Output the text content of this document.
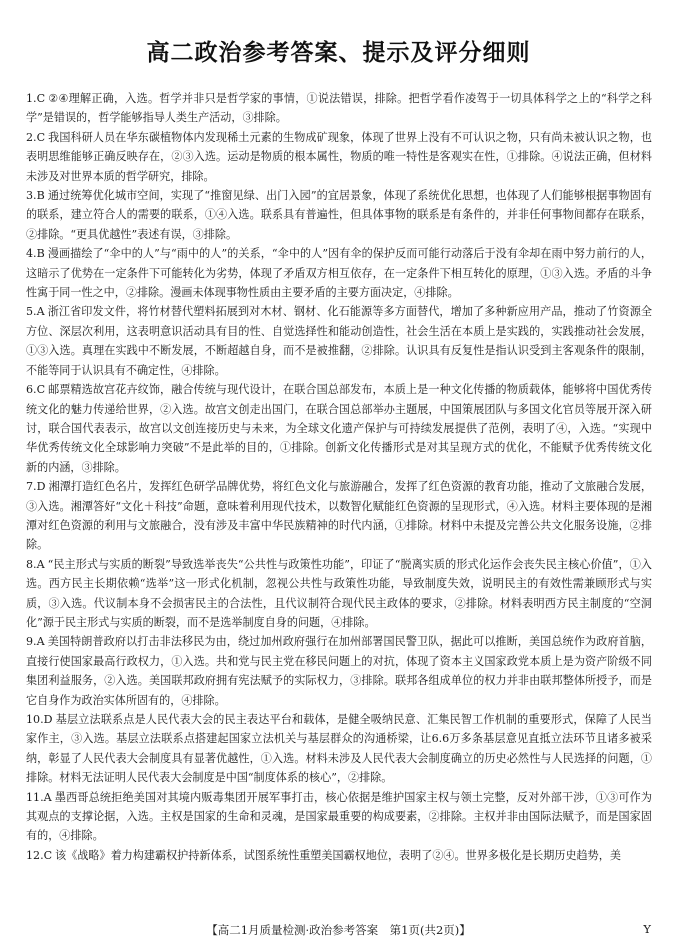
高二政治参考答案、提示及评分细则
1.C ②④理解正确，入选。哲学并非只是哲学家的事情，①说法错误，排除。把哲学看作凌驾于一切具体科学之上的“科学之科学”是错误的，哲学能够指导人类生产活动，③排除。
2.C 我国科研人员在华东碳植物体内发现稀土元素的生物成矿现象，体现了世界上没有不可认识之物，只有尚未被认识之物，也表明思维能够正确反映存在，②③入选。运动是物质的根本属性，物质的唯一特性是客观实在性，①排除。④说法正确，但材料未涉及对世界本质的哲学研究，排除。
3.B 通过统筹优化城市空间，实现了“推窗见绿、出门入园”的宜居景象，体现了系统优化思想，也体现了人们能够根据事物固有的联系，建立符合人的需要的联系，①④入选。联系具有普遍性，但具体事物的联系是有条件的，并非任何事物间都存在联系，②排除。“更具优越性”表述有误，③排除。
4.B 漫画描绘了“伞中的人”与“雨中的人”的关系，“伞中的人”因有伞的保护反而可能行动落后于没有伞却在雨中努力前行的人，这暗示了优势在一定条件下可能转化为劣势，体现了矛盾双方相互依存，在一定条件下相互转化的原理，①③入选。矛盾的斗争性寓于同一性之中，②排除。漫画未体现事物性质由主要矛盾的主要方面决定，④排除。
5.A 浙江省印发文件，将竹材替代塑料拓展到对木材、钢材、化石能源等多方面替代，增加了多种新应用产品，推动了竹资源全方位、深层次利用，这表明意识活动具有目的性、自觉选择性和能动创造性，社会生活在本质上是实践的，实践推动社会发展，①③入选。真理在实践中不断发展，不断超越自身，而不是被推翻，②排除。认识具有反复性是指认识受到主客观条件的限制，不能等同于认识具有不确定性，④排除。
6.C 邮票精选故宫花卉纹饰，融合传统与现代设计，在联合国总部发布，本质上是一种文化传播的物质载体，能够将中国优秀传统文化的魅力传递给世界，②入选。故宫文创走出国门，在联合国总部举办主题展，中国策展团队与多国文化官员等展开深入研讨，联合国代表表示，故宫以文创连接历史与未来，为全球文化遗产保护与可持续发展提供了范例，表明了④，入选。“实现中华优秀传统文化全球影响力突破”不是此举的目的，①排除。创新文化传播形式是对其呈现方式的优化，不能赋予优秀传统文化新的内涵，③排除。
7.D 湘潭打造红色名片，发挥红色研学品牌优势，将红色文化与旅游融合，发挥了红色资源的教育功能，推动了文旅融合发展，③入选。湘潭答好“文化＋科技”命题，意味着利用现代技术，以数智化赋能红色资源的呈现形式，④入选。材料主要体现的是湘潭对红色资源的利用与文旅融合，没有涉及丰富中华民族精神的时代内涵，①排除。材料中未提及完善公共文化服务设施，②排除。
8.A “民主形式与实质的断裂”导致选举丧失“公共性与政策性功能”，印证了“脱离实质的形式化运作会丧失民主核心价值”，①入选。西方民主长期依赖“选举”这一形式化机制，忽视公共性与政策性功能，导致制度失效，说明民主的有效性需兼顾形式与实质，③入选。代议制本身不会损害民主的合法性，且代议制符合现代民主政体的要求，②排除。材料表明西方民主制度的“空洞化”源于民主形式与实质的断裂，而不是选举制度自身的问题，④排除。
9.A 美国特朗普政府以打击非法移民为由，绕过加州政府强行在加州部署国民警卫队，据此可以推断，美国总统作为政府首脑，直接行使国家最高行政权力，①入选。共和党与民主党在移民问题上的对抗，体现了资本主义国家政党本质上是为资产阶级不同集团利益服务，②入选。美国联邦政府拥有宪法赋予的实际权力，③排除。联邦各组成单位的权力并非由联邦整体所授予，而是它自身作为政治实体所固有的，④排除。
10.D 基层立法联系点是人民代表大会的民主表达平台和载体，是健全吸纳民意、汇集民智工作机制的重要形式，保障了人民当家作主，③入选。基层立法联系点搭建起国家立法机关与基层群众的沟通桥梁，让6.6万多条基层意见直抵立法环节且诸多被采纳，彰显了人民代表大会制度具有显著优越性，①入选。材料未涉及人民代表大会制度确立的历史必然性与人民选择的问题，①排除。材料无法证明人民代表大会制度是中国“制度体系的核心”，②排除。
11.A 墨西哥总统拒绝美国对其境内贩毒集团开展军事打击，核心依据是维护国家主权与领土完整，反对外部干涉，①③可作为其观点的支撑论据，入选。主权是国家的生命和灵魂，是国家最重要的构成要素，②排除。主权并非由国际法赋予，而是国家固有的，④排除。
12.C 该《战略》着力构建霸权护持新体系，试图系统性重塑美国霸权地位，表明了②④。世界多极化是长期历史趋势，美
【高二1月质量检测·政治参考答案　第1页(共2页)】	Y
